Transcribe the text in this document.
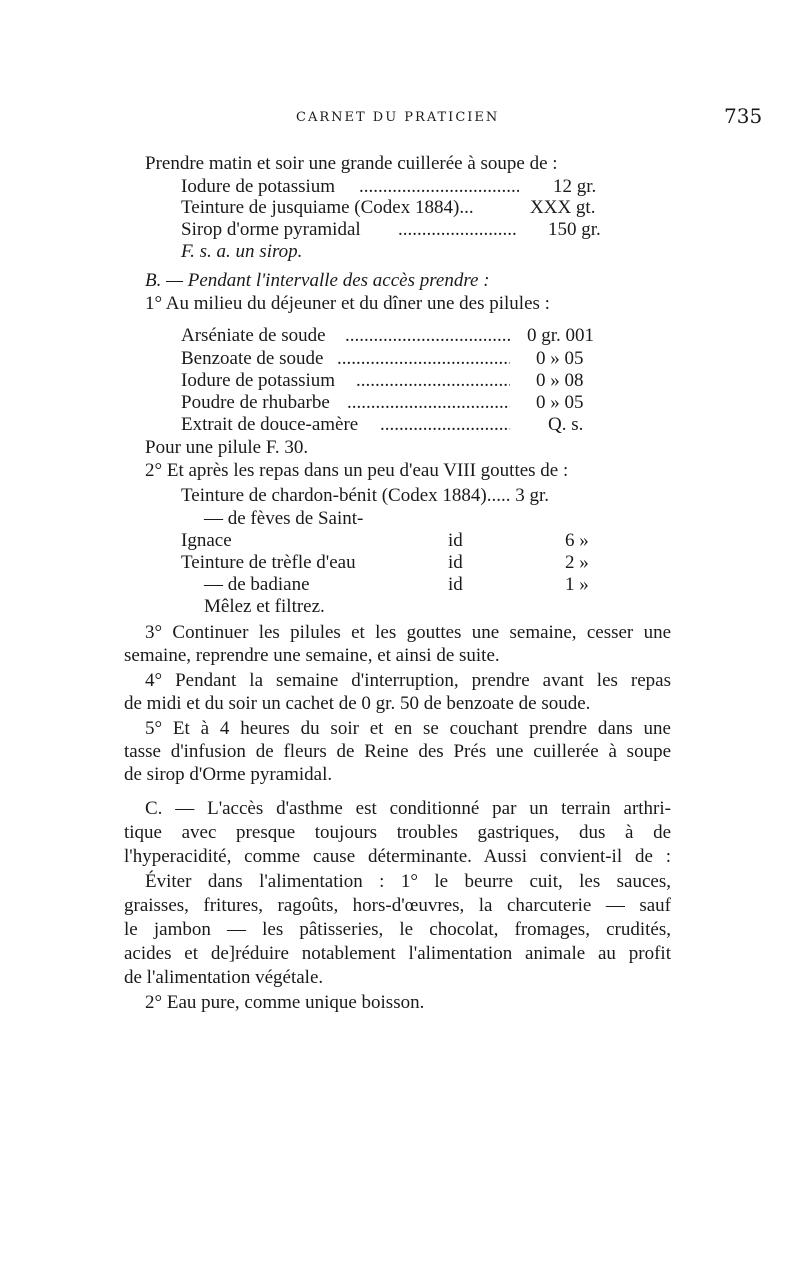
CARNET DU PRATICIEN	735
Prendre matin et soir une grande cuillerée à soupe de :
Iodure de potassium .....	12 gr.
Teinture de jusquiame (Codex 1884)...	XXX gt.
Sirop d'orme pyramidal .....	150 gr.
F. s. a. un sirop.
B. — Pendant l'intervalle des accès prendre :
1° Au milieu du déjeuner et du dîner une des pilules :
Arséniate de soude .....	0 gr. 001
Benzoate de soude .....	0 » 05
Iodure de potassium .....	0 » 08
Poudre de rhubarbe .....	0 » 05
Extrait de douce-amère .....	Q. s.
Pour une pilule F. 30.
2° Et après les repas dans un peu d'eau VIII gouttes de :
Teinture de chardon-bénit (Codex 1884)..... 3 gr.
— de fèves de Saint-
Ignace	id	6 »
Teinture de trèfle d'eau	id	2 »
— de badiane	id	1 »
Mêlez et filtrez.
3° Continuer les pilules et les gouttes une semaine, cesser une
semaine, reprendre une semaine, et ainsi de suite.
4° Pendant la semaine d'interruption, prendre avant les repas
de midi et du soir un cachet de 0 gr. 50 de benzoate de soude.
5° Et à 4 heures du soir et en se couchant prendre dans une
tasse d'infusion de fleurs de Reine des Prés une cuillerée à soupe
de sirop d'Orme pyramidal.
C. — L'accès d'asthme est conditionné par un terrain arthri-
tique avec presque toujours troubles gastriques, dus à de
l'hyperacidité, comme cause déterminante. Aussi convient-il de :
Éviter dans l'alimentation : 1° le beurre cuit, les sauces,
graisses, fritures, ragoûts, hors-d'œuvres, la charcuterie — sauf
le jambon — les pâtisseries, le chocolat, fromages, crudités,
acides et de]réduire notablement l'alimentation animale au profit
de l'alimentation végétale.
2° Eau pure, comme unique boisson.
